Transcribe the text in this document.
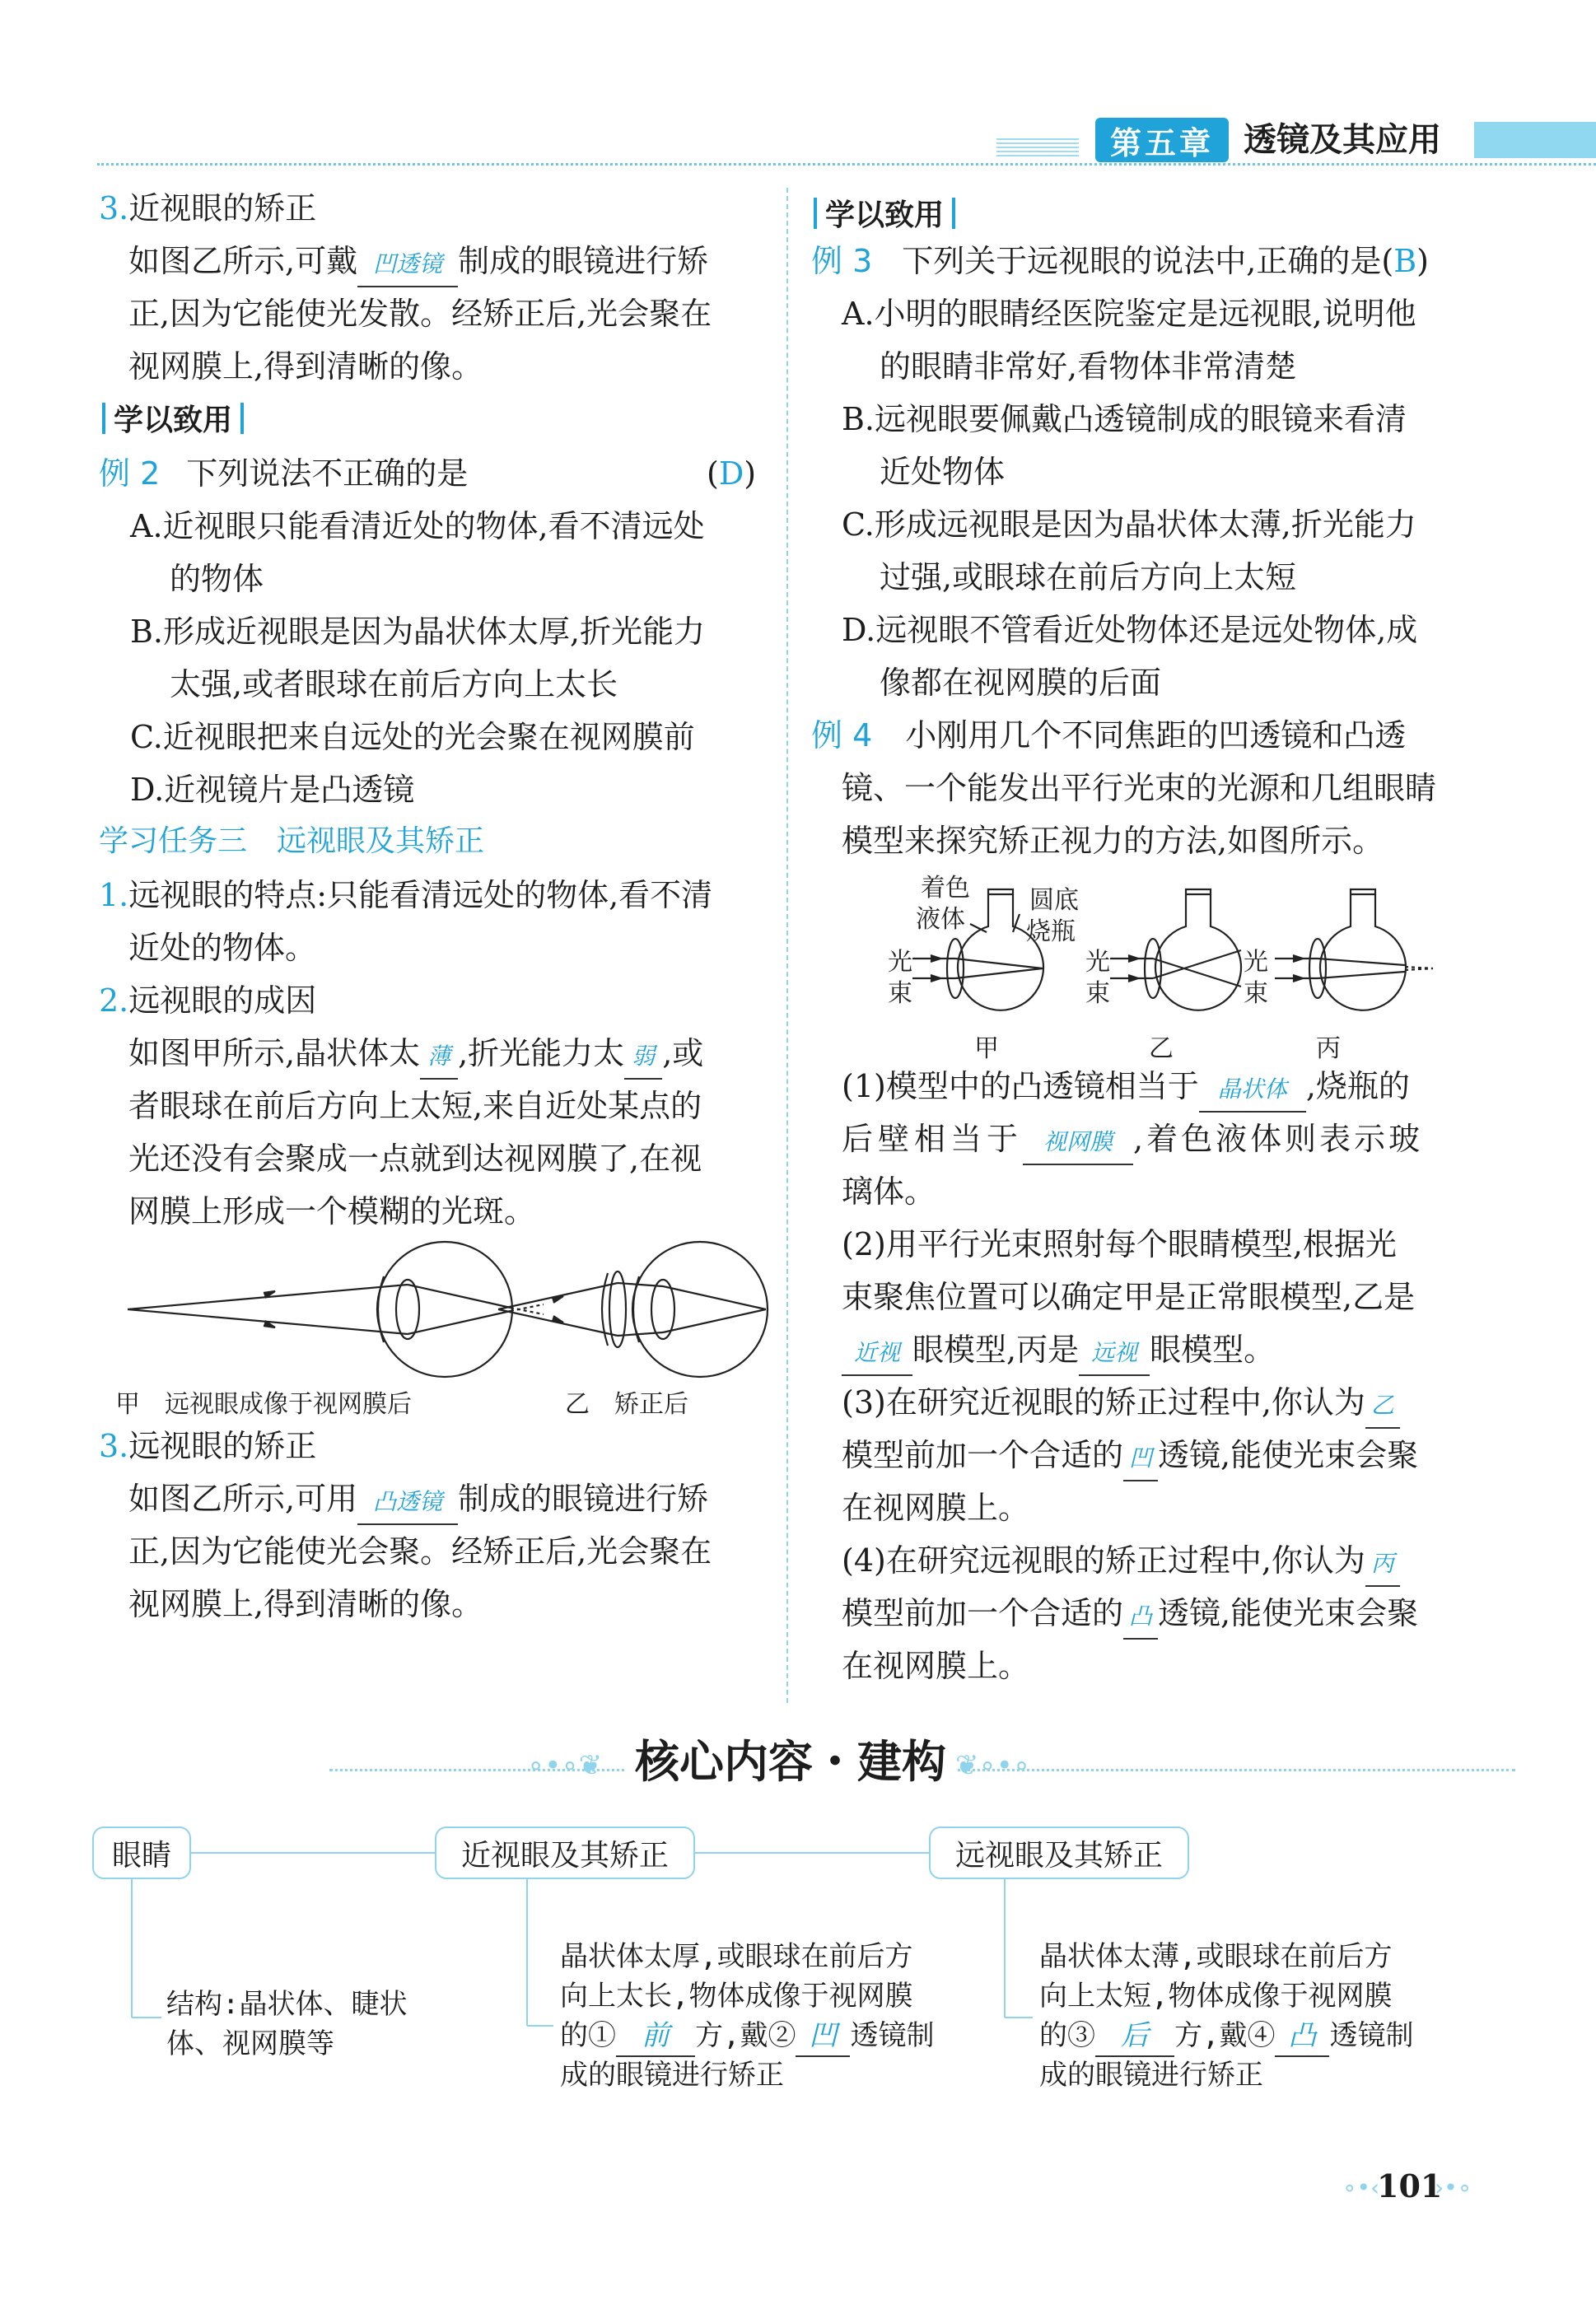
第五章 透镜及其应用
3.近视眼的矫正
如图乙所示,可戴 凹透镜 制成的眼镜进行矫
正,因为它能使光发散。经矫正后,光会聚在
视网膜上,得到清晰的像。
学以致用
例 2 下列说法不正确的是	(D)
A.近视眼只能看清近处的物体,看不清远处
的物体
B.形成近视眼是因为晶状体太厚,折光能力
太强,或者眼球在前后方向上太长
C.近视眼把来自远处的光会聚在视网膜前
D.近视镜片是凸透镜
学习任务三　远视眼及其矫正
1.远视眼的特点:只能看清远处的物体,看不清
近处的物体。
2.远视眼的成因
如图甲所示,晶状体太 薄 ,折光能力太 弱 ,或
者眼球在前后方向上太短,来自近处某点的
光还没有会聚成一点就到达视网膜了,在视
网膜上形成一个模糊的光斑。
甲　远视眼成像于视网膜后	乙　矫正后
3.远视眼的矫正
如图乙所示,可用 凸透镜 制成的眼镜进行矫
正,因为它能使光会聚。经矫正后,光会聚在
视网膜上,得到清晰的像。
学以致用
例 3 下列关于远视眼的说法中,正确的是(B)
A.小明的眼睛经医院鉴定是远视眼,说明他
的眼睛非常好,看物体非常清楚
B.远视眼要佩戴凸透镜制成的眼镜来看清
近处物体
C.形成远视眼是因为晶状体太薄,折光能力
过强,或眼球在前后方向上太短
D.远视眼不管看近处物体还是远处物体,成
像都在视网膜的后面
例 4 小刚用几个不同焦距的凹透镜和凸透
镜、一个能发出平行光束的光源和几组眼睛
模型来探究矫正视力的方法,如图所示。
着色
液体
圆底
烧瓶
光
束
光
束
光
束
甲	乙	丙
(1)模型中的凸透镜相当于 晶状体 ,烧瓶的
后壁相当于 视网膜 ,着色液体则表示玻
璃体。
(2)用平行光束照射每个眼睛模型,根据光
束聚焦位置可以确定甲是正常眼模型,乙是
近视 眼模型,丙是 远视 眼模型。
(3)在研究近视眼的矫正过程中,你认为 乙
模型前加一个合适的 凹 透镜,能使光束会聚
在视网膜上。
(4)在研究远视眼的矫正过程中,你认为 丙
模型前加一个合适的 凸 透镜,能使光束会聚
在视网膜上。
∘•∘❦	❦∘•∘
核心内容・建构
眼睛	近视眼及其矫正	远视眼及其矫正
结构:晶状体、睫状
体、视网膜等
晶状体太厚,或眼球在前后方
向上太长,物体成像于视网膜
的① 前 方,戴② 凹 透镜制
成的眼镜进行矫正
晶状体太薄,或眼球在前后方
向上太短,物体成像于视网膜
的③ 后 方,戴④ 凸 透镜制
成的眼镜进行矫正
∘•‹
101
›•∘
